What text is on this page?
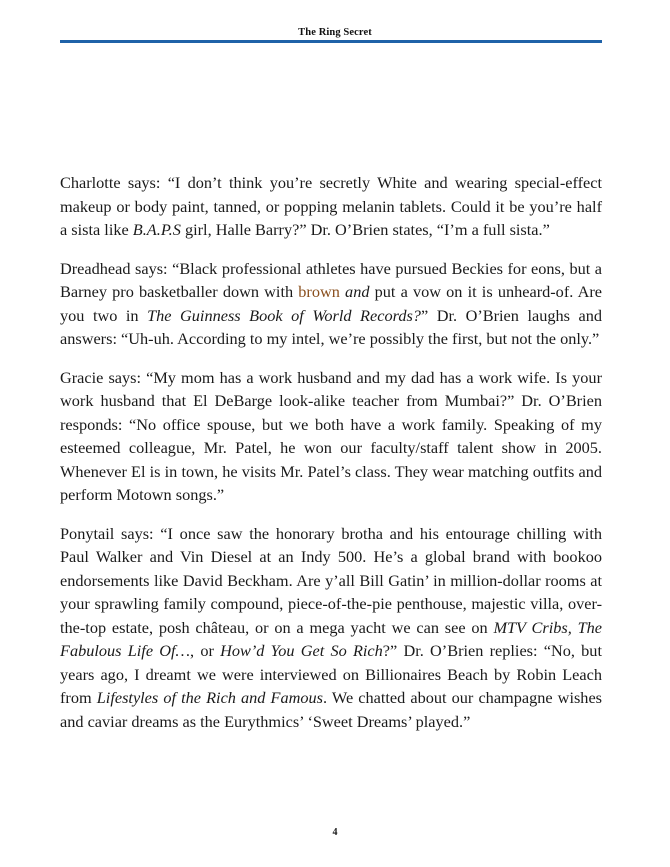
The Ring Secret

Charlotte says: “I don’t think you’re secretly White and wearing special-effect makeup or body paint, tanned, or popping melanin tablets. Could it be you’re half a sista like B.A.P.S girl, Halle Barry?” Dr. O’Brien states, “I’m a full sista.”

Dreadhead says: “Black professional athletes have pursued Beckies for eons, but a Barney pro basketballer down with brown and put a vow on it is unheard-of. Are you two in The Guinness Book of World Records?” Dr. O’Brien laughs and answers: “Uh-uh. According to my intel, we’re possibly the first, but not the only.”

Gracie says: “My mom has a work husband and my dad has a work wife. Is your work husband that El DeBarge look-alike teacher from Mumbai?” Dr. O’Brien responds: “No office spouse, but we both have a work family. Speaking of my esteemed colleague, Mr. Patel, he won our faculty/staff talent show in 2005. Whenever El is in town, he visits Mr. Patel’s class. They wear matching outfits and perform Motown songs.”

Ponytail says: “I once saw the honorary brotha and his entourage chilling with Paul Walker and Vin Diesel at an Indy 500. He’s a global brand with bookoo endorsements like David Beckham. Are y’all Bill Gatin’ in million-dollar rooms at your sprawling family compound, piece-of-the-pie penthouse, majestic villa, over-the-top estate, posh château, or on a mega yacht we can see on MTV Cribs, The Fabulous Life Of…, or How’d You Get So Rich?” Dr. O’Brien replies: “No, but years ago, I dreamt we were interviewed on Billionaires Beach by Robin Leach from Lifestyles of the Rich and Famous. We chatted about our champagne wishes and caviar dreams as the Eurythmics’ ‘Sweet Dreams’ played.”

4
